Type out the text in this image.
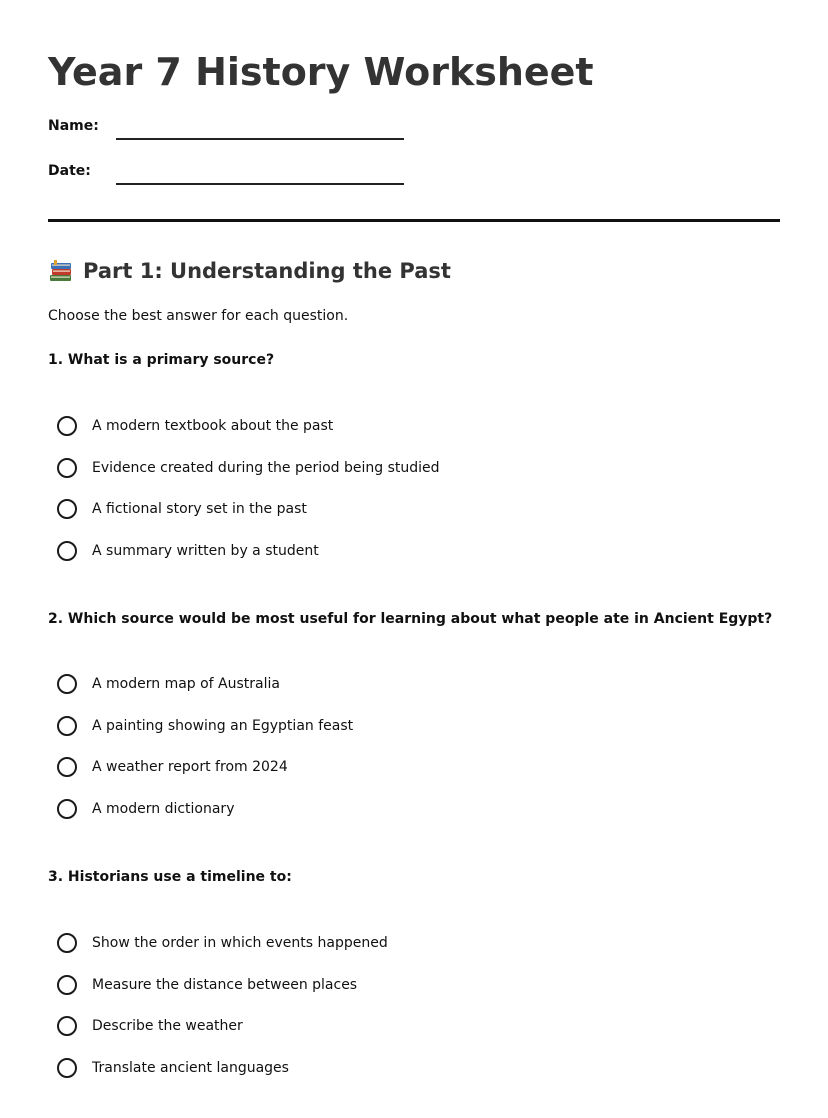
Year 7 History Worksheet
Name:
Date:
Part 1: Understanding the Past
Choose the best answer for each question.
1. What is a primary source?
A modern textbook about the past
Evidence created during the period being studied
A fictional story set in the past
A summary written by a student
2. Which source would be most useful for learning about what people ate in Ancient Egypt?
A modern map of Australia
A painting showing an Egyptian feast
A weather report from 2024
A modern dictionary
3. Historians use a timeline to:
Show the order in which events happened
Measure the distance between places
Describe the weather
Translate ancient languages
